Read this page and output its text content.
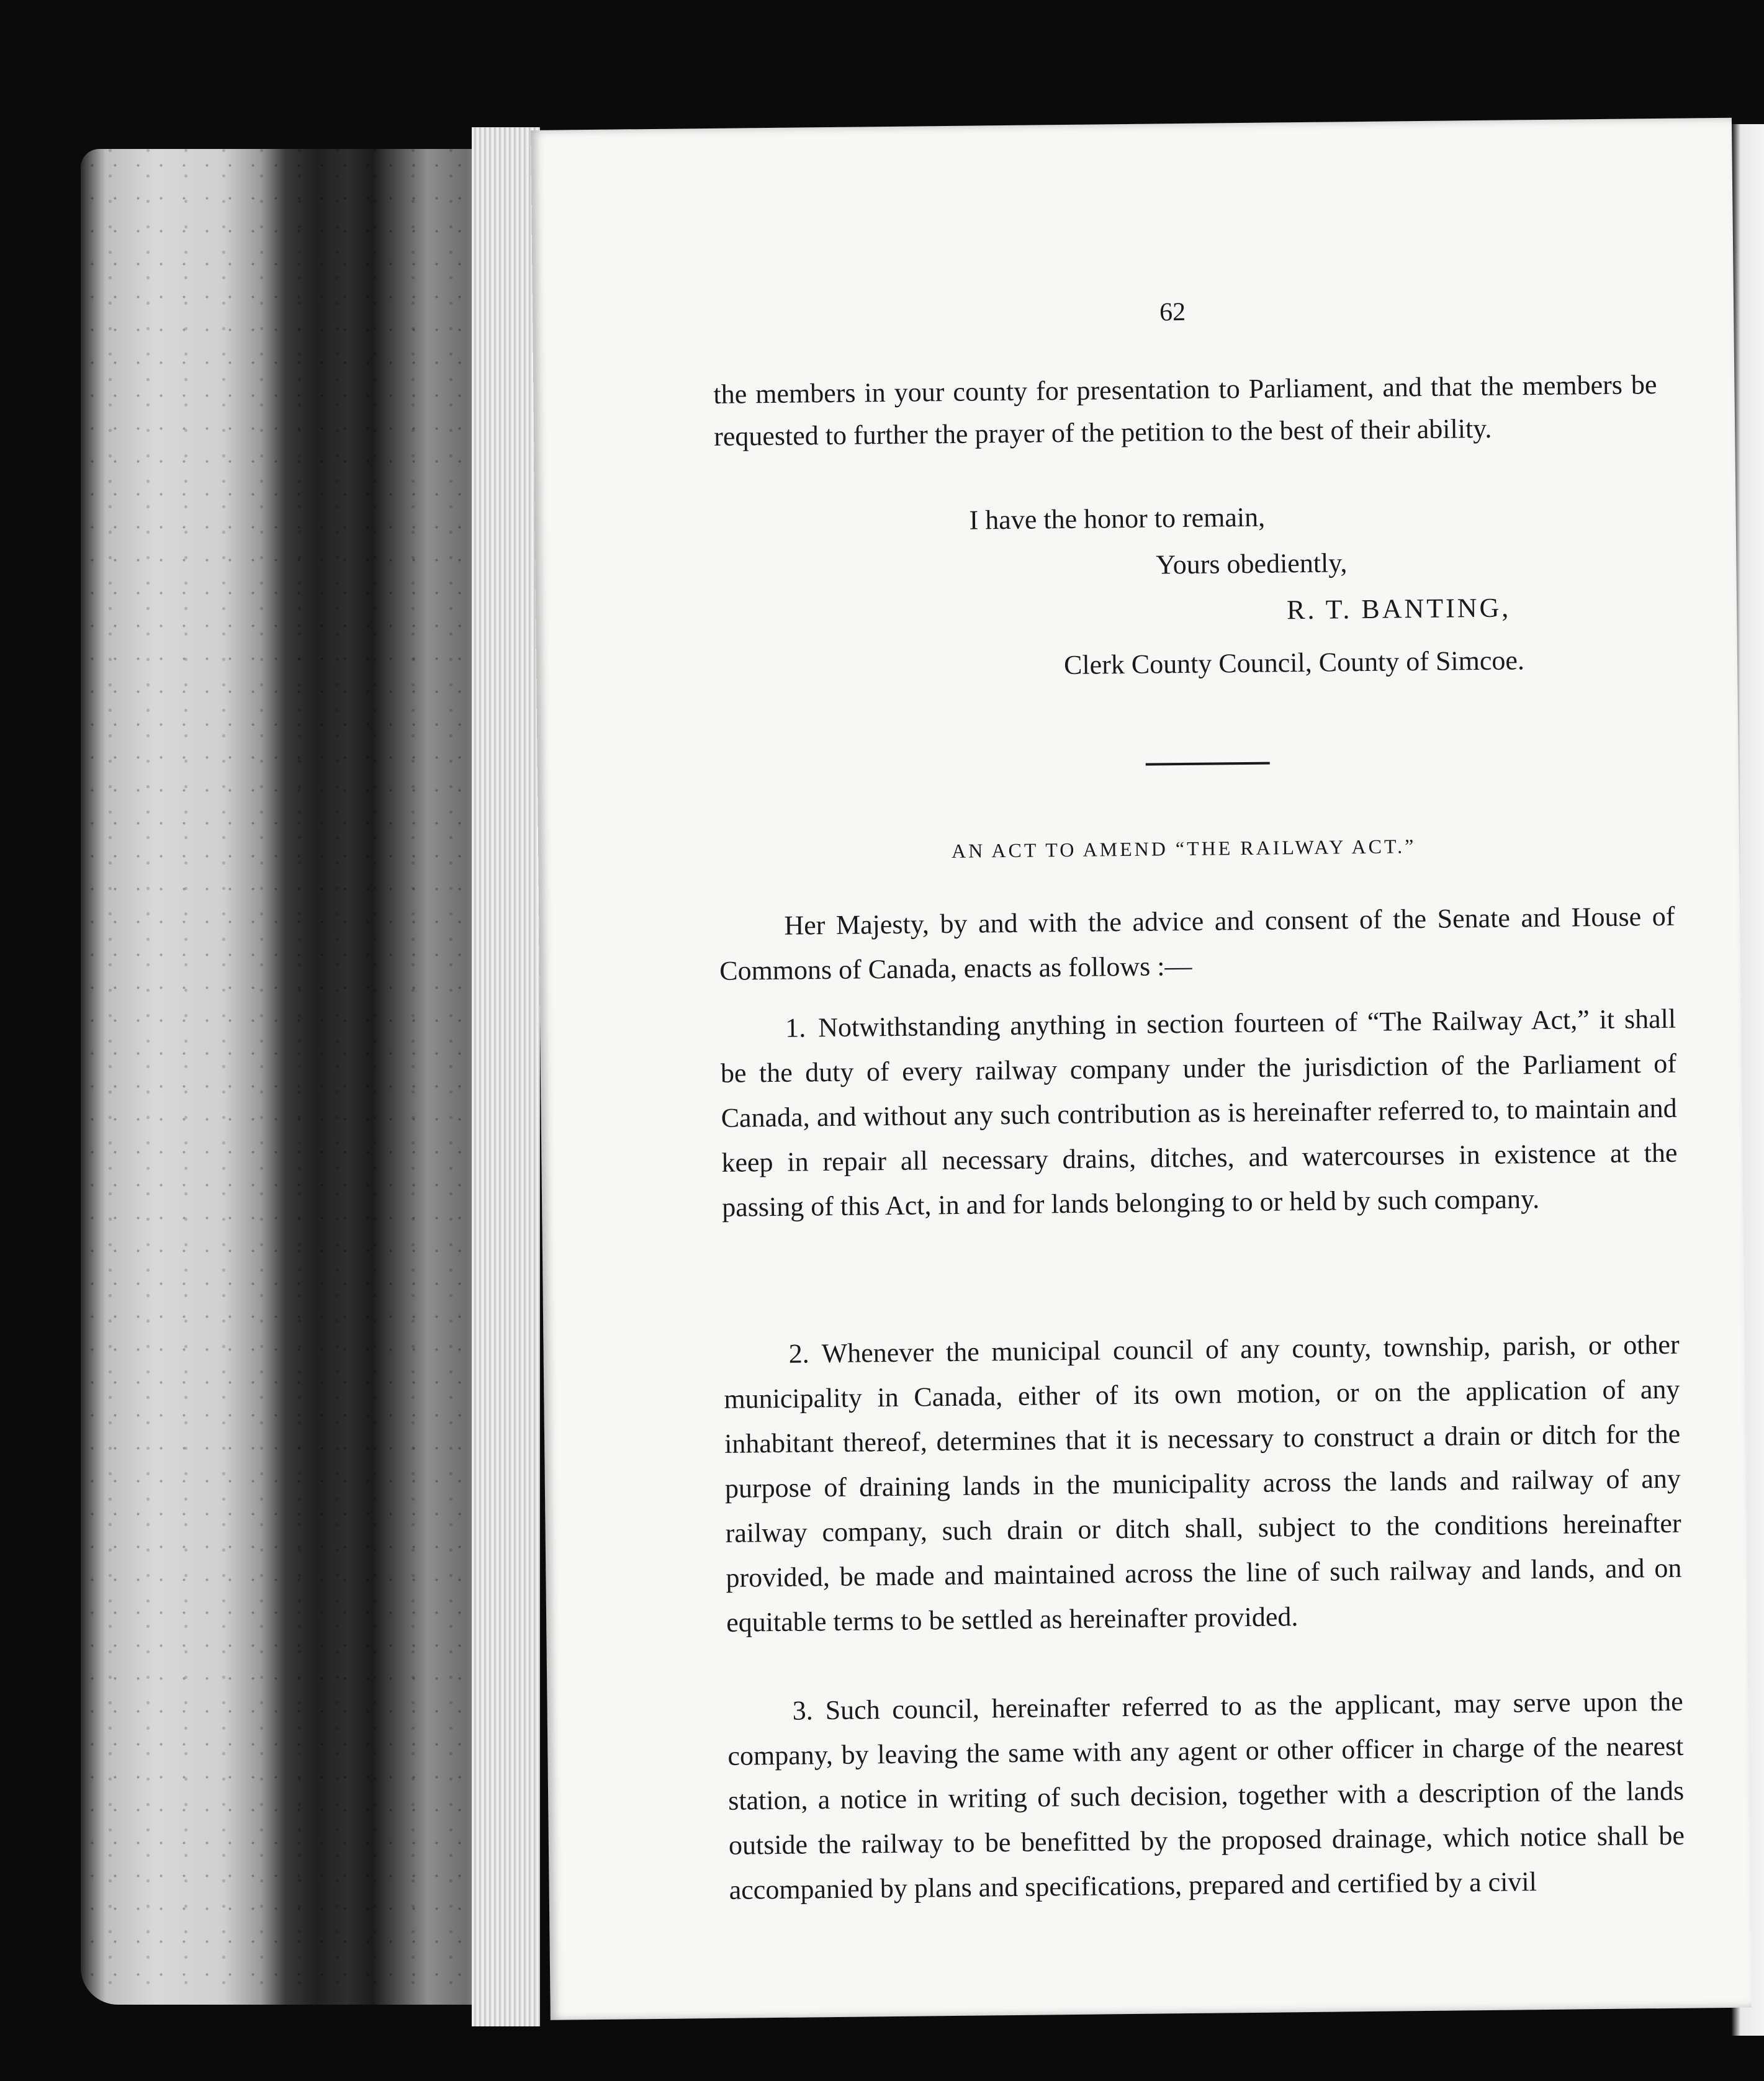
62

the members in your county for presentation to Parliament, and that the members be requested to further the prayer of the petition to the best of their ability.

I have the honor to remain,

Yours obediently,

R. T. BANTING,

Clerk County Council, County of Simcoe.

AN ACT TO AMEND “THE RAILWAY ACT.”

Her Majesty, by and with the advice and consent of the Senate and House of Commons of Canada, enacts as follows :—

1. Notwithstanding anything in section fourteen of “The Railway Act,” it shall be the duty of every railway company under the jurisdiction of the Parliament of Canada, and without any such contribution as is hereinafter referred to, to maintain and keep in repair all necessary drains, ditches, and watercourses in existence at the passing of this Act, in and for lands belonging to or held by such company.

2. Whenever the municipal council of any county, township, parish, or other municipality in Canada, either of its own motion, or on the application of any inhabitant thereof, determines that it is necessary to construct a drain or ditch for the purpose of draining lands in the municipality across the lands and railway of any railway company, such drain or ditch shall, subject to the conditions hereinafter provided, be made and maintained across the line of such railway and lands, and on equitable terms to be settled as hereinafter provided.

3. Such council, hereinafter referred to as the applicant, may serve upon the company, by leaving the same with any agent or other officer in charge of the nearest station, a notice in writing of such decision, together with a description of the lands outside the railway to be benefitted by the proposed drainage, which notice shall be accompanied by plans and specifications, prepared and certified by a civil
